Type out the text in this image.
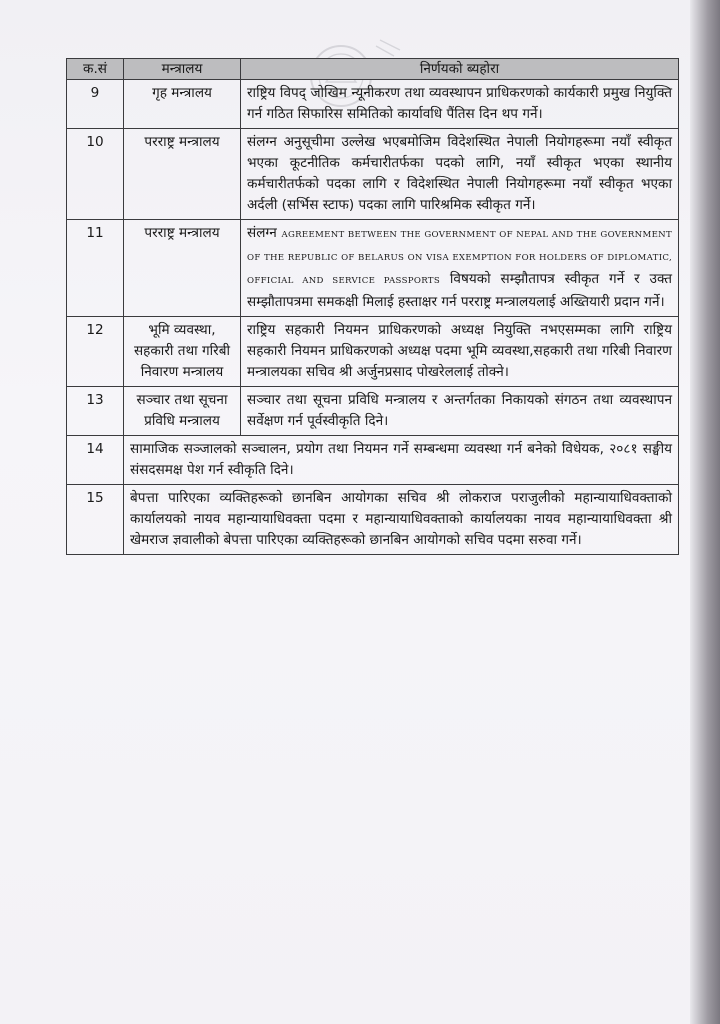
क.सं	मन्त्रालय	निर्णयको ब्यहोरा
9	गृह मन्त्रालय	राष्ट्रिय विपद् जोखिम न्यूनीकरण तथा व्यवस्थापन प्राधिकरणको कार्यकारी प्रमुख नियुक्ति गर्न गठित सिफारिस समितिको कार्यावधि पैंतिस दिन थप गर्ने।
10	परराष्ट्र मन्त्रालय	संलग्न अनुसूचीमा उल्लेख भएबमोजिम विदेशस्थित नेपाली नियोगहरूमा नयाँ स्वीकृत भएका कूटनीतिक कर्मचारीतर्फका पदको लागि, नयाँ स्वीकृत भएका स्थानीय कर्मचारीतर्फको पदका लागि र विदेशस्थित नेपाली नियोगहरूमा नयाँ स्वीकृत भएका अर्दली (सर्भिस स्टाफ) पदका लागि पारिश्रमिक स्वीकृत गर्ने।
11	परराष्ट्र मन्त्रालय	संलग्न AGREEMENT BETWEEN THE GOVERNMENT OF NEPAL AND THE GOVERNMENT OF THE REPUBLIC OF BELARUS ON VISA EXEMPTION FOR HOLDERS OF DIPLOMATIC, OFFICIAL AND SERVICE PASSPORTS विषयको सम्झौतापत्र स्वीकृत गर्ने र उक्त सम्झौतापत्रमा समकक्षी मिलाई हस्ताक्षर गर्न परराष्ट्र मन्त्रालयलाई अख्तियारी प्रदान गर्ने।
12	भूमि व्यवस्था, सहकारी तथा गरिबी निवारण मन्त्रालय	राष्ट्रिय सहकारी नियमन प्राधिकरणको अध्यक्ष नियुक्ति नभएसम्मका लागि राष्ट्रिय सहकारी नियमन प्राधिकरणको अध्यक्ष पदमा भूमि व्यवस्था,सहकारी तथा गरिबी निवारण मन्त्रालयका सचिव श्री अर्जुनप्रसाद पोखरेललाई तोक्ने।
13	सञ्चार तथा सूचना प्रविधि मन्त्रालय	सञ्चार तथा सूचना प्रविधि मन्त्रालय र अन्तर्गतका निकायको संगठन तथा व्यवस्थापन सर्वेक्षण गर्न पूर्वस्वीकृति दिने।
14	सामाजिक सञ्जालको सञ्चालन, प्रयोग तथा नियमन गर्ने सम्बन्धमा व्यवस्था गर्न बनेको विधेयक, २०८१ सङ्घीय संसदसमक्ष पेश गर्न स्वीकृति दिने।	
15	बेपत्ता पारिएका व्यक्तिहरूको छानबिन आयोगका सचिव श्री लोकराज पराजुलीको महान्यायाधिवक्ताको कार्यालयको नायव महान्यायाधिवक्ता पदमा र महान्यायाधिवक्ताको कार्यालयका नायव महान्यायाधिवक्ता श्री खेमराज ज्ञवालीको बेपत्ता पारिएका व्यक्तिहरूको छानबिन आयोगको सचिव पदमा सरुवा गर्ने।	
